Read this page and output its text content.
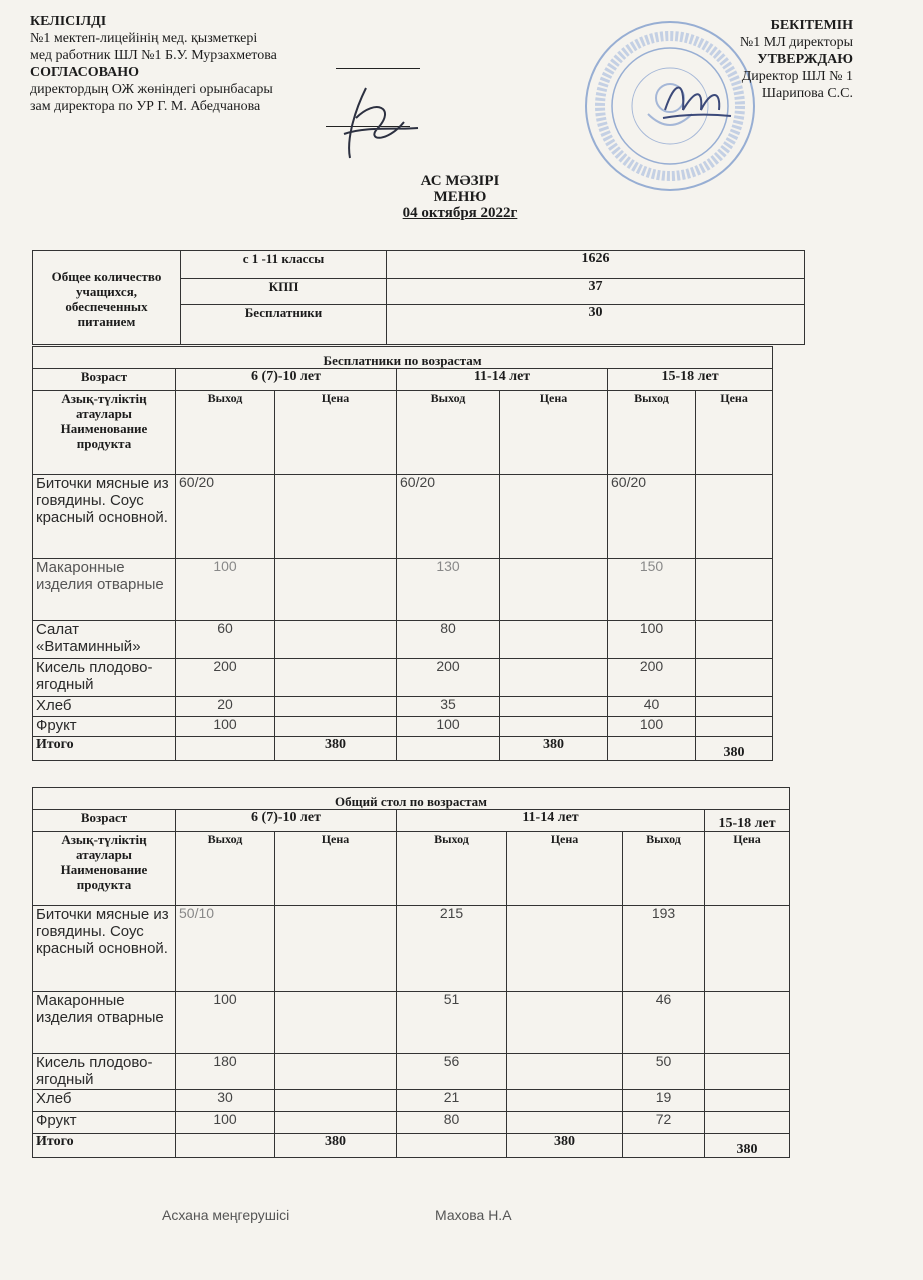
КЕЛІСІЛДІ
№1 мектеп-лицейінің мед. қызметкері
мед работник ШЛ №1 Б.У. Мурзахметова
СОГЛАСОВАНО
директордың ОЖ жөніндегі орынбасары
зам директора по УР Г. М. Абедчанова
БЕКІТЕМІН
№1 МЛ директоры
УТВЕРЖДАЮ
Директор ШЛ № 1
Шарипова С.С.
АС МӘЗІРІ
МЕНЮ
04 октября 2022г
Общее количество учащихся, обеспеченных питанием	с 1 -11 классы	1626
	КПП	37
	Бесплатники	30
Бесплатники по возрастам						
Возраст	6 (7)-10 лет		11-14 лет		15-18 лет	
Азық-түліктің атаулары Наименование продукта	Выход	Цена	Выход	Цена	Выход	Цена
Биточки мясные из говядины. Соус красный основной.	60/20		60/20		60/20	
Макаронные изделия отварные	100		130		150	
Салат «Витаминный»	60		80		100	
Кисель плодово-ягодный	200		200		200	
Хлеб	20		35		40	
Фрукт	100		100		100	
Итого		380		380		380
Общий стол по возрастам						
Возраст	6 (7)-10 лет		11-14 лет			15-18 лет
Азық-түліктің атаулары Наименование продукта	Выход	Цена	Выход	Цена	Выход	Цена
Биточки мясные из говядины. Соус красный основной.	50/10		215		193	
Макаронные изделия отварные	100		51		46	
Кисель плодово-ягодный	180		56		50	
Хлеб	30		21		19	
Фрукт	100		80		72	
Итого		380		380		380
Асхана меңгерушісі	Махова Н.А
